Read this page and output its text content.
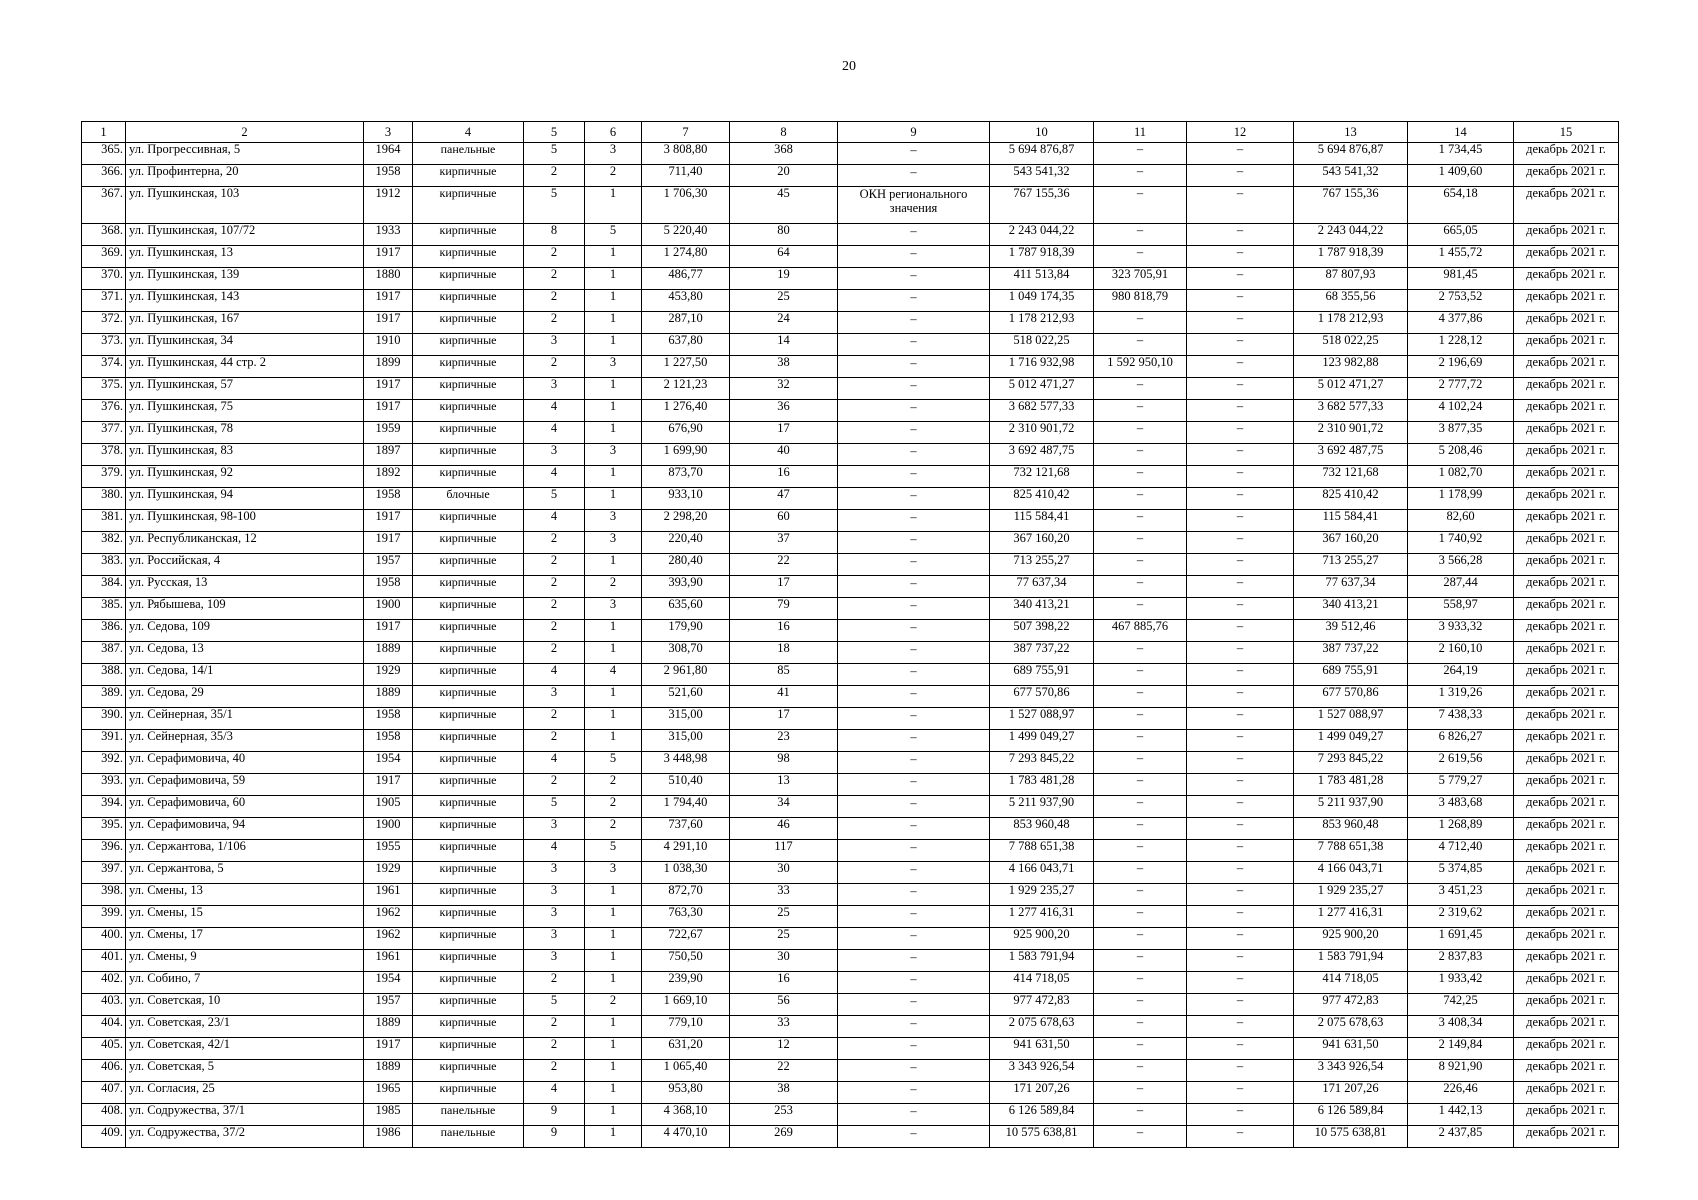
20
1	2	3	4	5	6	7	8	9	10	11	12	13	14	15
365.	ул. Прогрессивная, 5	1964	панельные	5	3	3 808,80	368	–	5 694 876,87	–	–	5 694 876,87	1 734,45	декабрь 2021 г.
366.	ул. Профинтерна, 20	1958	кирпичные	2	2	711,40	20	–	543 541,32	–	–	543 541,32	1 409,60	декабрь 2021 г.
367.	ул. Пушкинская, 103	1912	кирпичные	5	1	1 706,30	45	ОКН регионального значения	767 155,36	–	–	767 155,36	654,18	декабрь 2021 г.
368.	ул. Пушкинская, 107/72	1933	кирпичные	8	5	5 220,40	80	–	2 243 044,22	–	–	2 243 044,22	665,05	декабрь 2021 г.
369.	ул. Пушкинская, 13	1917	кирпичные	2	1	1 274,80	64	–	1 787 918,39	–	–	1 787 918,39	1 455,72	декабрь 2021 г.
370.	ул. Пушкинская, 139	1880	кирпичные	2	1	486,77	19	–	411 513,84	323 705,91	–	87 807,93	981,45	декабрь 2021 г.
371.	ул. Пушкинская, 143	1917	кирпичные	2	1	453,80	25	–	1 049 174,35	980 818,79	–	68 355,56	2 753,52	декабрь 2021 г.
372.	ул. Пушкинская, 167	1917	кирпичные	2	1	287,10	24	–	1 178 212,93	–	–	1 178 212,93	4 377,86	декабрь 2021 г.
373.	ул. Пушкинская, 34	1910	кирпичные	3	1	637,80	14	–	518 022,25	–	–	518 022,25	1 228,12	декабрь 2021 г.
374.	ул. Пушкинская, 44 стр. 2	1899	кирпичные	2	3	1 227,50	38	–	1 716 932,98	1 592 950,10	–	123 982,88	2 196,69	декабрь 2021 г.
375.	ул. Пушкинская, 57	1917	кирпичные	3	1	2 121,23	32	–	5 012 471,27	–	–	5 012 471,27	2 777,72	декабрь 2021 г.
376.	ул. Пушкинская, 75	1917	кирпичные	4	1	1 276,40	36	–	3 682 577,33	–	–	3 682 577,33	4 102,24	декабрь 2021 г.
377.	ул. Пушкинская, 78	1959	кирпичные	4	1	676,90	17	–	2 310 901,72	–	–	2 310 901,72	3 877,35	декабрь 2021 г.
378.	ул. Пушкинская, 83	1897	кирпичные	3	3	1 699,90	40	–	3 692 487,75	–	–	3 692 487,75	5 208,46	декабрь 2021 г.
379.	ул. Пушкинская, 92	1892	кирпичные	4	1	873,70	16	–	732 121,68	–	–	732 121,68	1 082,70	декабрь 2021 г.
380.	ул. Пушкинская, 94	1958	блочные	5	1	933,10	47	–	825 410,42	–	–	825 410,42	1 178,99	декабрь 2021 г.
381.	ул. Пушкинская, 98-100	1917	кирпичные	4	3	2 298,20	60	–	115 584,41	–	–	115 584,41	82,60	декабрь 2021 г.
382.	ул. Республиканская, 12	1917	кирпичные	2	3	220,40	37	–	367 160,20	–	–	367 160,20	1 740,92	декабрь 2021 г.
383.	ул. Российская, 4	1957	кирпичные	2	1	280,40	22	–	713 255,27	–	–	713 255,27	3 566,28	декабрь 2021 г.
384.	ул. Русская, 13	1958	кирпичные	2	2	393,90	17	–	77 637,34	–	–	77 637,34	287,44	декабрь 2021 г.
385.	ул. Рябышева, 109	1900	кирпичные	2	3	635,60	79	–	340 413,21	–	–	340 413,21	558,97	декабрь 2021 г.
386.	ул. Седова, 109	1917	кирпичные	2	1	179,90	16	–	507 398,22	467 885,76	–	39 512,46	3 933,32	декабрь 2021 г.
387.	ул. Седова, 13	1889	кирпичные	2	1	308,70	18	–	387 737,22	–	–	387 737,22	2 160,10	декабрь 2021 г.
388.	ул. Седова, 14/1	1929	кирпичные	4	4	2 961,80	85	–	689 755,91	–	–	689 755,91	264,19	декабрь 2021 г.
389.	ул. Седова, 29	1889	кирпичные	3	1	521,60	41	–	677 570,86	–	–	677 570,86	1 319,26	декабрь 2021 г.
390.	ул. Сейнерная, 35/1	1958	кирпичные	2	1	315,00	17	–	1 527 088,97	–	–	1 527 088,97	7 438,33	декабрь 2021 г.
391.	ул. Сейнерная, 35/3	1958	кирпичные	2	1	315,00	23	–	1 499 049,27	–	–	1 499 049,27	6 826,27	декабрь 2021 г.
392.	ул. Серафимовича, 40	1954	кирпичные	4	5	3 448,98	98	–	7 293 845,22	–	–	7 293 845,22	2 619,56	декабрь 2021 г.
393.	ул. Серафимовича, 59	1917	кирпичные	2	2	510,40	13	–	1 783 481,28	–	–	1 783 481,28	5 779,27	декабрь 2021 г.
394.	ул. Серафимовича, 60	1905	кирпичные	5	2	1 794,40	34	–	5 211 937,90	–	–	5 211 937,90	3 483,68	декабрь 2021 г.
395.	ул. Серафимовича, 94	1900	кирпичные	3	2	737,60	46	–	853 960,48	–	–	853 960,48	1 268,89	декабрь 2021 г.
396.	ул. Сержантова, 1/106	1955	кирпичные	4	5	4 291,10	117	–	7 788 651,38	–	–	7 788 651,38	4 712,40	декабрь 2021 г.
397.	ул. Сержантова, 5	1929	кирпичные	3	3	1 038,30	30	–	4 166 043,71	–	–	4 166 043,71	5 374,85	декабрь 2021 г.
398.	ул. Смены, 13	1961	кирпичные	3	1	872,70	33	–	1 929 235,27	–	–	1 929 235,27	3 451,23	декабрь 2021 г.
399.	ул. Смены, 15	1962	кирпичные	3	1	763,30	25	–	1 277 416,31	–	–	1 277 416,31	2 319,62	декабрь 2021 г.
400.	ул. Смены, 17	1962	кирпичные	3	1	722,67	25	–	925 900,20	–	–	925 900,20	1 691,45	декабрь 2021 г.
401.	ул. Смены, 9	1961	кирпичные	3	1	750,50	30	–	1 583 791,94	–	–	1 583 791,94	2 837,83	декабрь 2021 г.
402.	ул. Собино, 7	1954	кирпичные	2	1	239,90	16	–	414 718,05	–	–	414 718,05	1 933,42	декабрь 2021 г.
403.	ул. Советская, 10	1957	кирпичные	5	2	1 669,10	56	–	977 472,83	–	–	977 472,83	742,25	декабрь 2021 г.
404.	ул. Советская, 23/1	1889	кирпичные	2	1	779,10	33	–	2 075 678,63	–	–	2 075 678,63	3 408,34	декабрь 2021 г.
405.	ул. Советская, 42/1	1917	кирпичные	2	1	631,20	12	–	941 631,50	–	–	941 631,50	2 149,84	декабрь 2021 г.
406.	ул. Советская, 5	1889	кирпичные	2	1	1 065,40	22	–	3 343 926,54	–	–	3 343 926,54	8 921,90	декабрь 2021 г.
407.	ул. Согласия, 25	1965	кирпичные	4	1	953,80	38	–	171 207,26	–	–	171 207,26	226,46	декабрь 2021 г.
408.	ул. Содружества, 37/1	1985	панельные	9	1	4 368,10	253	–	6 126 589,84	–	–	6 126 589,84	1 442,13	декабрь 2021 г.
409.	ул. Содружества, 37/2	1986	панельные	9	1	4 470,10	269	–	10 575 638,81	–	–	10 575 638,81	2 437,85	декабрь 2021 г.
